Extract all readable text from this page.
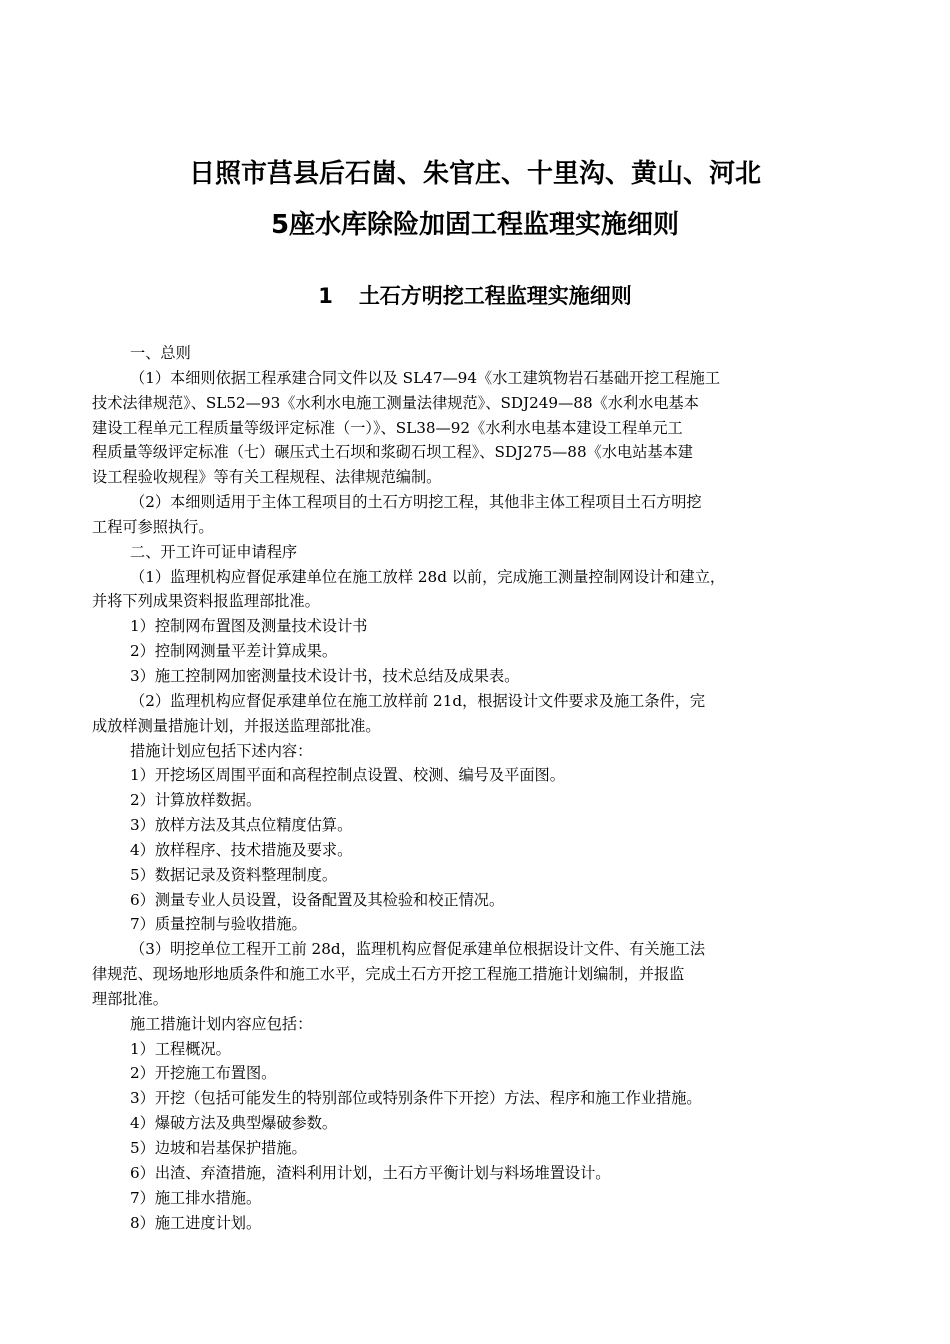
日照市莒县后石崮、朱官庄、十里沟、黄山、河北
5座水库除险加固工程监理实施细则
1 土石方明挖工程监理实施细则
一、总则
（1）本细则依据工程承建合同文件以及 SL47—94《水工建筑物岩石基础开挖工程施工
技术法律规范》、SL52—93《水利水电施工测量法律规范》、SDJ249—88《水利水电基本
建设工程单元工程质量等级评定标准（一）》、SL38—92《水利水电基本建设工程单元工
程质量等级评定标准（七）碾压式土石坝和浆砌石坝工程》、SDJ275—88《水电站基本建
设工程验收规程》等有关工程规程、法律规范编制。
（2）本细则适用于主体工程项目的土石方明挖工程，其他非主体工程项目土石方明挖
工程可参照执行。
二、开工许可证申请程序
（1）监理机构应督促承建单位在施工放样 28d 以前，完成施工测量控制网设计和建立，
并将下列成果资料报监理部批准。
1）控制网布置图及测量技术设计书
2）控制网测量平差计算成果。
3）施工控制网加密测量技术设计书，技术总结及成果表。
（2）监理机构应督促承建单位在施工放样前 21d，根据设计文件要求及施工条件，完
成放样测量措施计划，并报送监理部批准。
措施计划应包括下述内容：
1）开挖场区周围平面和高程控制点设置、校测、编号及平面图。
2）计算放样数据。
3）放样方法及其点位精度估算。
4）放样程序、技术措施及要求。
5）数据记录及资料整理制度。
6）测量专业人员设置，设备配置及其检验和校正情况。
7）质量控制与验收措施。
（3）明挖单位工程开工前 28d，监理机构应督促承建单位根据设计文件、有关施工法
律规范、现场地形地质条件和施工水平，完成土石方开挖工程施工措施计划编制，并报监
理部批准。
施工措施计划内容应包括：
1）工程概况。
2）开挖施工布置图。
3）开挖（包括可能发生的特别部位或特别条件下开挖）方法、程序和施工作业措施。
4）爆破方法及典型爆破参数。
5）边坡和岩基保护措施。
6）出渣、弃渣措施，渣料利用计划，土石方平衡计划与料场堆置设计。
7）施工排水措施。
8）施工进度计划。
